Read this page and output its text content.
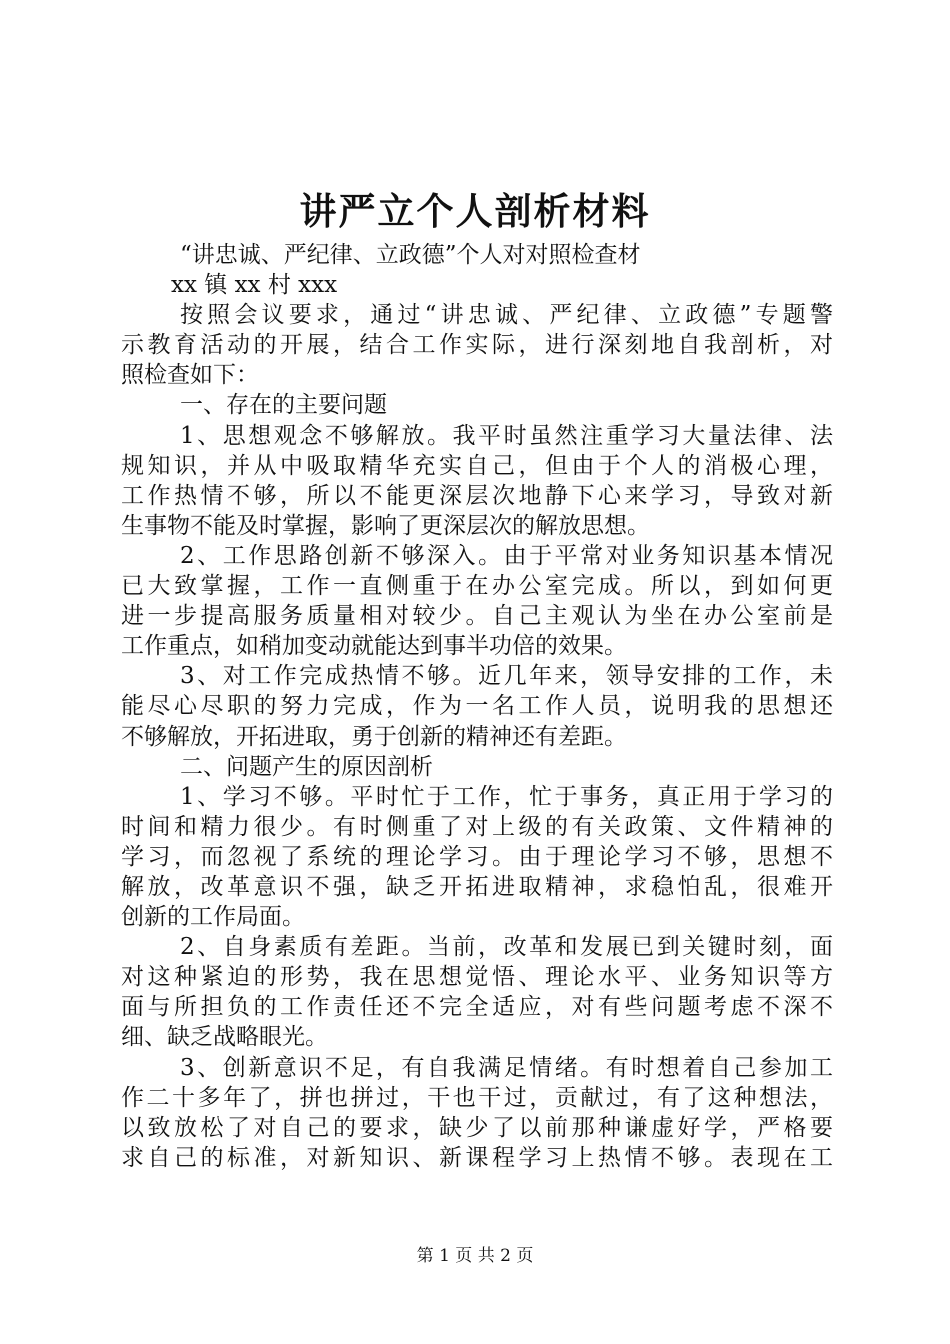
讲严立个人剖析材料
“讲忠诚、严纪律、立政德”个人对对照检查材
xx 镇 xx 村 xxx
按照会议要求，通过“讲忠诚、严纪律、立政德”专题警
示教育活动的开展，结合工作实际，进行深刻地自我剖析，对
照检查如下：
一、存在的主要问题
1、思想观念不够解放。我平时虽然注重学习大量法律、法
规知识，并从中吸取精华充实自己，但由于个人的消极心理，
工作热情不够，所以不能更深层次地静下心来学习，导致对新
生事物不能及时掌握，影响了更深层次的解放思想。
2、工作思路创新不够深入。由于平常对业务知识基本情况
已大致掌握，工作一直侧重于在办公室完成。所以，到如何更
进一步提高服务质量相对较少。自己主观认为坐在办公室前是
工作重点，如稍加变动就能达到事半功倍的效果。
3、对工作完成热情不够。近几年来，领导安排的工作，未
能尽心尽职的努力完成，作为一名工作人员，说明我的思想还
不够解放，开拓进取，勇于创新的精神还有差距。
二、问题产生的原因剖析
1、学习不够。平时忙于工作，忙于事务，真正用于学习的
时间和精力很少。有时侧重了对上级的有关政策、文件精神的
学习，而忽视了系统的理论学习。由于理论学习不够，思想不
解放，改革意识不强，缺乏开拓进取精神，求稳怕乱，很难开
创新的工作局面。
2、自身素质有差距。当前，改革和发展已到关键时刻，面
对这种紧迫的形势，我在思想觉悟、理论水平、业务知识等方
面与所担负的工作责任还不完全适应，对有些问题考虑不深不
细、缺乏战略眼光。
3、创新意识不足，有自我满足情绪。有时想着自己参加工
作二十多年了，拼也拼过，干也干过，贡献过，有了这种想法，
以致放松了对自己的要求，缺少了以前那种谦虚好学，严格要
求自己的标准，对新知识、新课程学习上热情不够。表现在工
第 1 页 共 2 页
